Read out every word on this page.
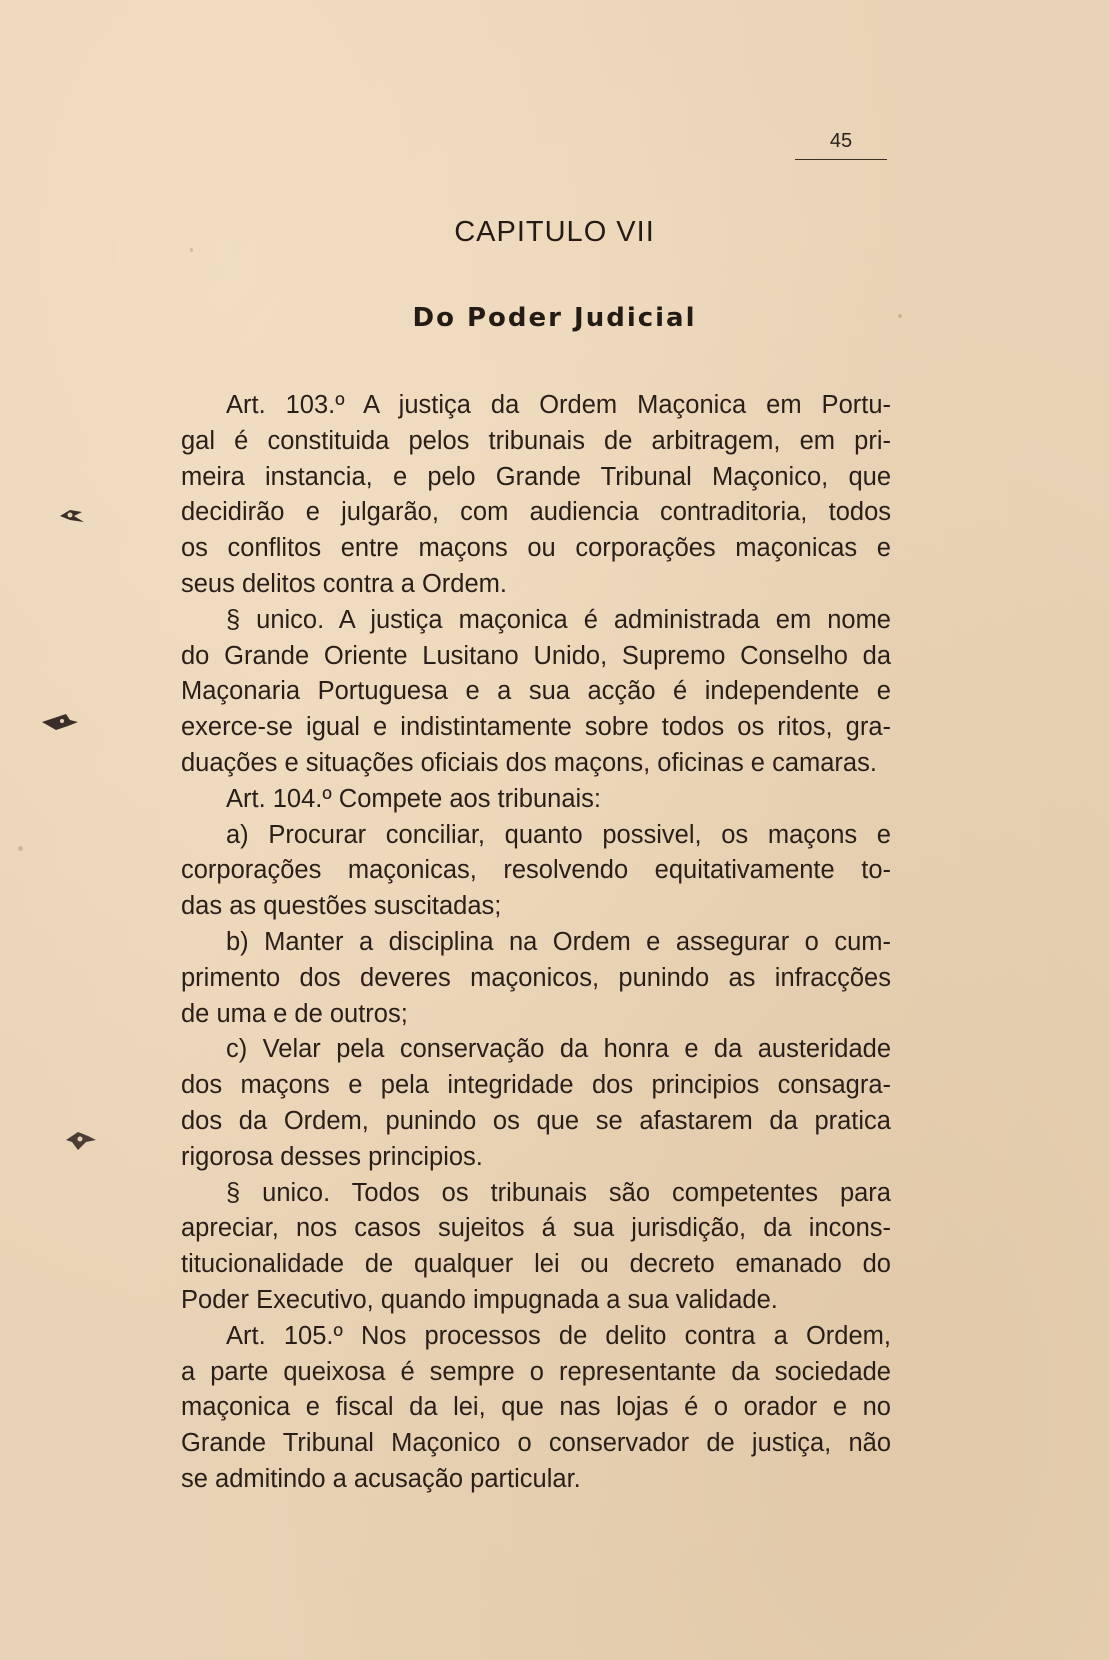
45
CAPITULO VII
Do Poder Judicial
Art. 103.º A justiça da Ordem Maçonica em Portu-
gal é constituida pelos tribunais de arbitragem, em pri-
meira instancia, e pelo Grande Tribunal Maçonico, que
decidirão e julgarão, com audiencia contraditoria, todos
os conflitos entre maçons ou corporações maçonicas e
seus delitos contra a Ordem.
§ unico. A justiça maçonica é administrada em nome
do Grande Oriente Lusitano Unido, Supremo Conselho da
Maçonaria Portuguesa e a sua acção é independente e
exerce-se igual e indistintamente sobre todos os ritos, gra-
duações e situações oficiais dos maçons, oficinas e camaras.
Art. 104.º Compete aos tribunais:
a) Procurar conciliar, quanto possivel, os maçons e
corporações maçonicas, resolvendo equitativamente to-
das as questões suscitadas;
b) Manter a disciplina na Ordem e assegurar o cum-
primento dos deveres maçonicos, punindo as infracções
de uma e de outros;
c) Velar pela conservação da honra e da austeridade
dos maçons e pela integridade dos principios consagra-
dos da Ordem, punindo os que se afastarem da pratica
rigorosa desses principios.
§ unico. Todos os tribunais são competentes para
apreciar, nos casos sujeitos á sua jurisdição, da incons-
titucionalidade de qualquer lei ou decreto emanado do
Poder Executivo, quando impugnada a sua validade.
Art. 105.º Nos processos de delito contra a Ordem,
a parte queixosa é sempre o representante da sociedade
maçonica e fiscal da lei, que nas lojas é o orador e no
Grande Tribunal Maçonico o conservador de justiça, não
se admitindo a acusação particular.
